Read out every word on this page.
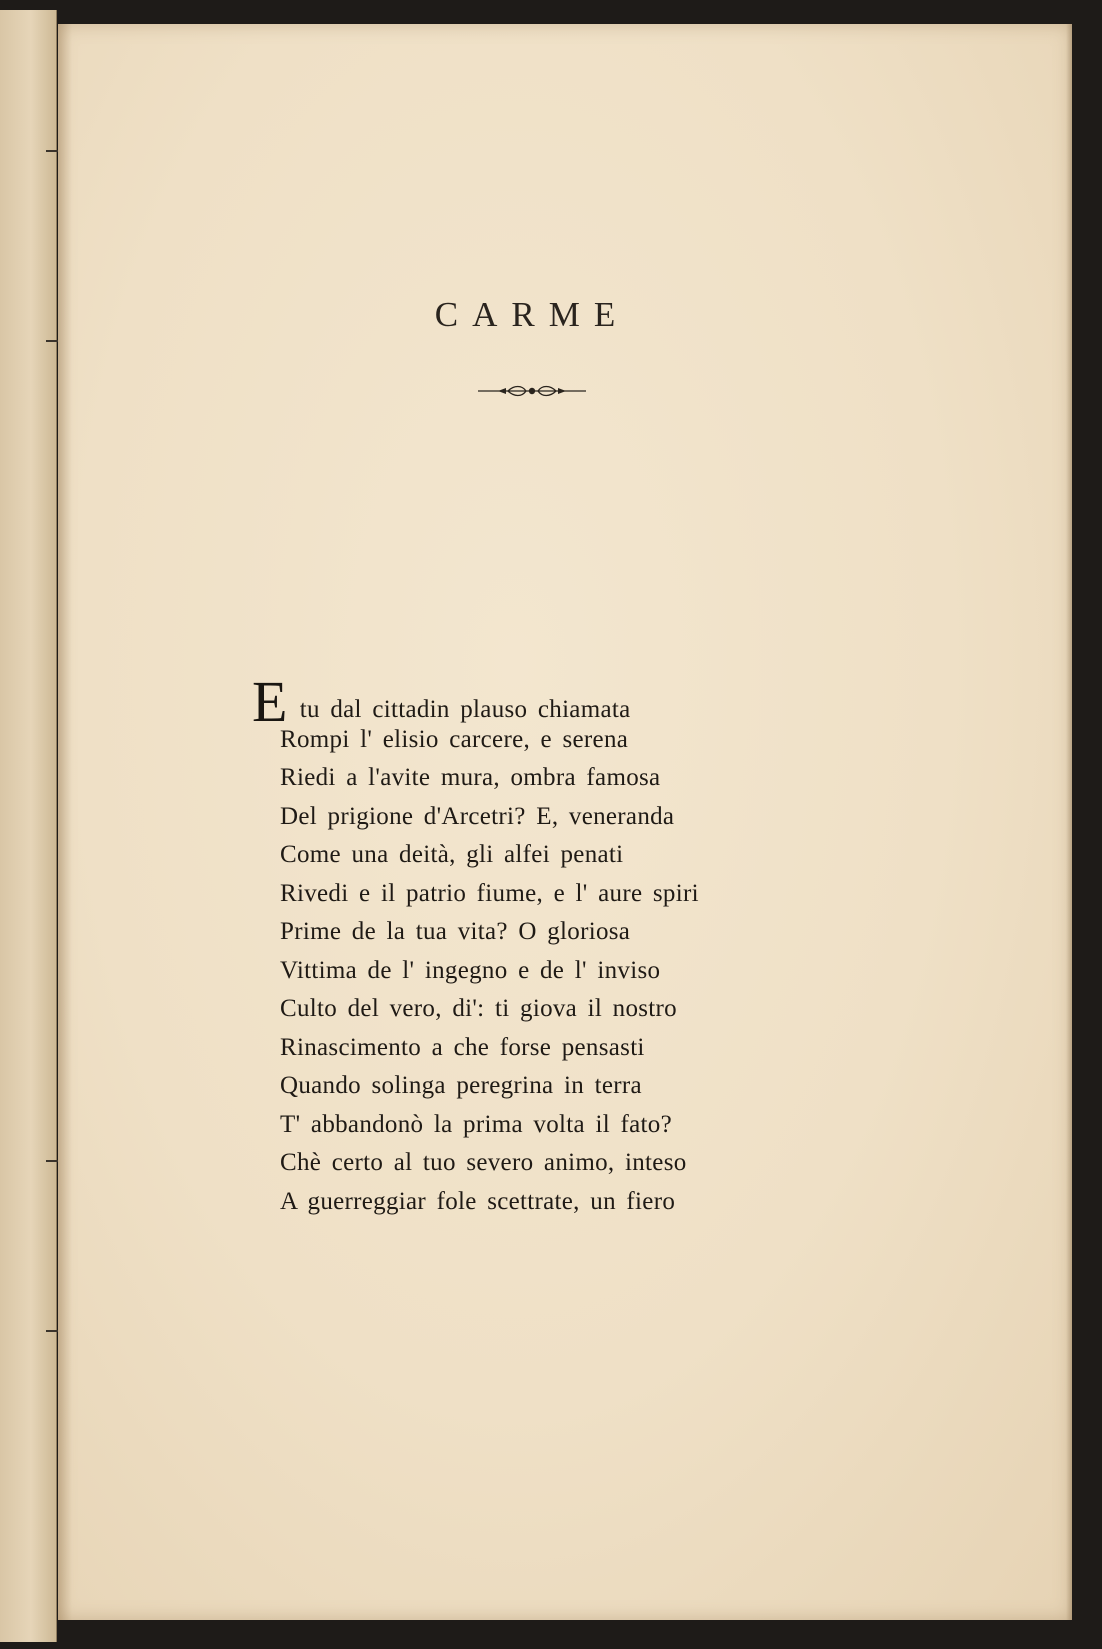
CARME
Etu dal cittadin plauso chiamata
Rompi l' elisio carcere, e serena
Riedi a l'avite mura, ombra famosa
Del prigione d'Arcetri? E, veneranda
Come una deità, gli alfei penati
Rivedi e il patrio fiume, e l' aure spiri
Prime de la tua vita? O gloriosa
Vittima de l' ingegno e de l' inviso
Culto del vero, di': ti giova il nostro
Rinascimento a che forse pensasti
Quando solinga peregrina in terra
T' abbandonò la prima volta il fato?
Chè certo al tuo severo animo, inteso
A guerreggiar fole scettrate, un fiero
